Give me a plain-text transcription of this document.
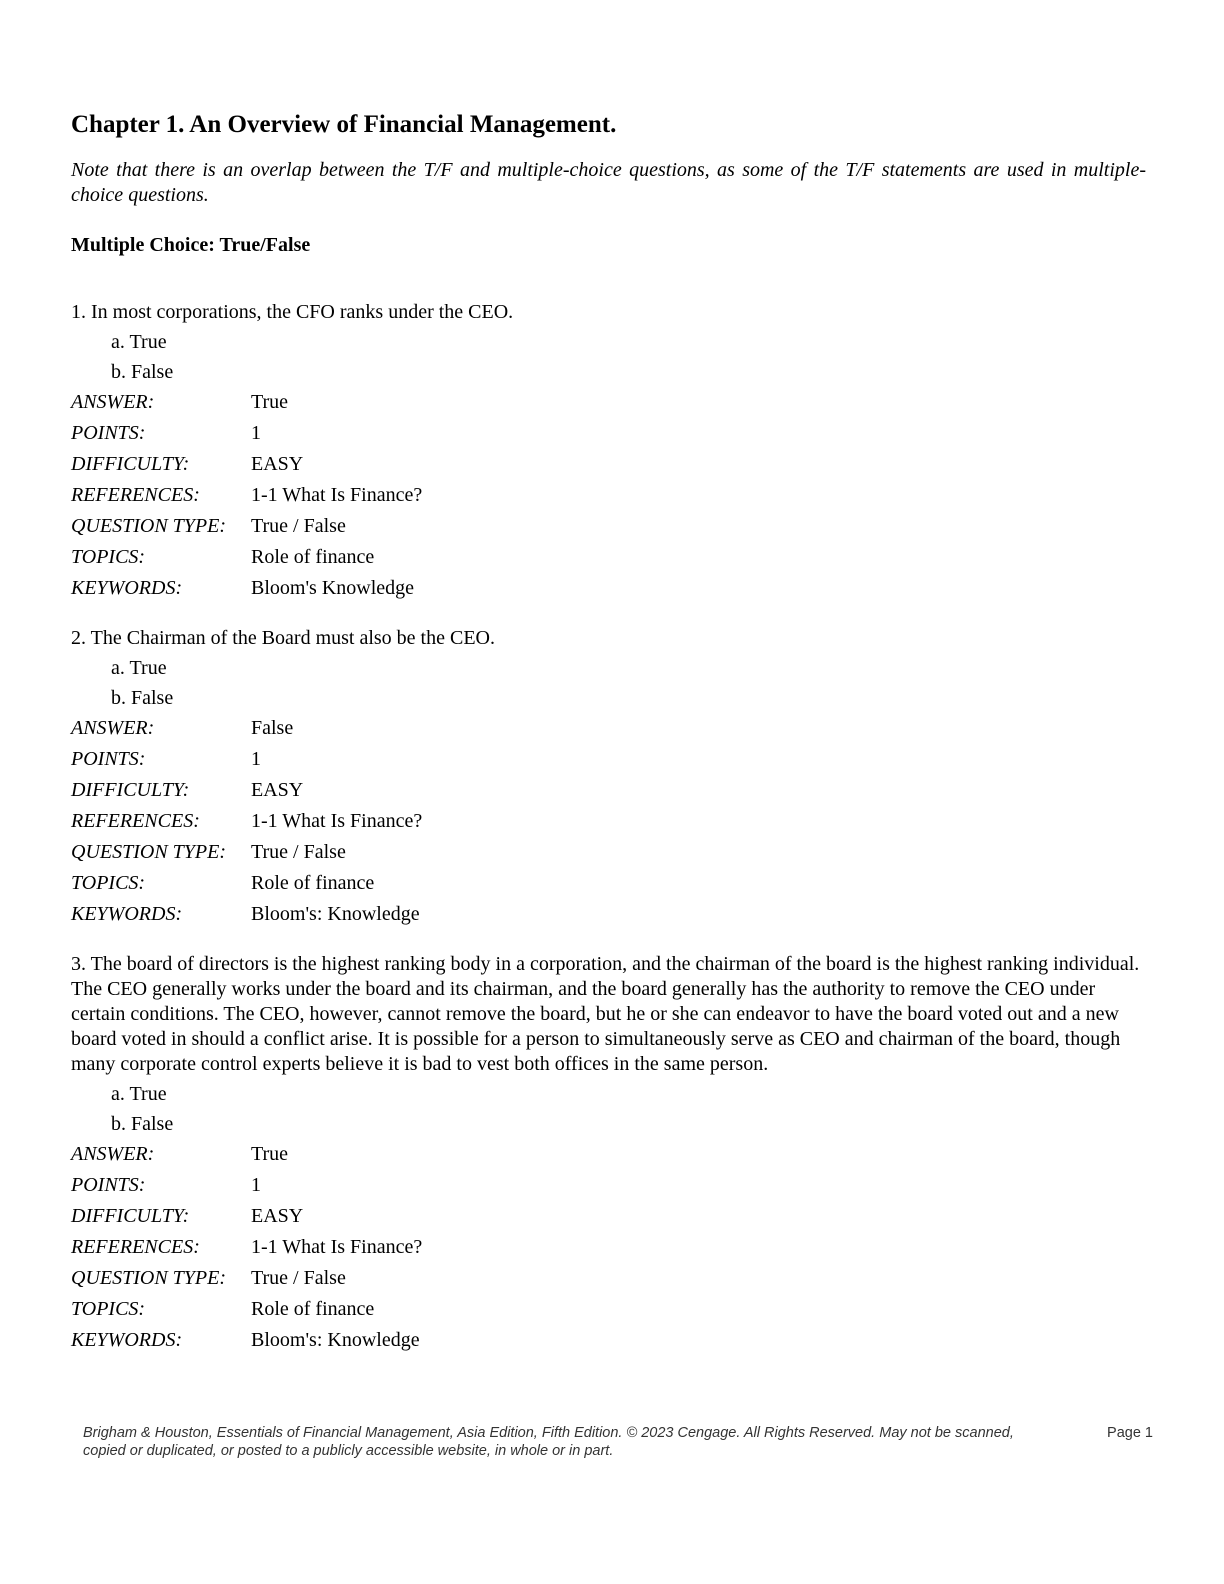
Chapter 1. An Overview of Financial Management.

Note that there is an overlap between the T/F and multiple-choice questions, as some of the T/F statements are used in multiple-choice questions.

Multiple Choice: True/False

1. In most corporations, the CFO ranks under the CEO.

a. True
b. False
ANSWER:	True
POINTS:	1
DIFFICULTY:	EASY
REFERENCES:	1-1 What Is Finance?
QUESTION TYPE:	True / False
TOPICS:	Role of finance
KEYWORDS:	Bloom's Knowledge

2. The Chairman of the Board must also be the CEO.

a. True
b. False
ANSWER:	False
POINTS:	1
DIFFICULTY:	EASY
REFERENCES:	1-1 What Is Finance?
QUESTION TYPE:	True / False
TOPICS:	Role of finance
KEYWORDS:	Bloom's: Knowledge

3. The board of directors is the highest ranking body in a corporation, and the chairman of the board is the highest ranking individual. The CEO generally works under the board and its chairman, and the board generally has the authority to remove the CEO under certain conditions. The CEO, however, cannot remove the board, but he or she can endeavor to have the board voted out and a new board voted in should a conflict arise. It is possible for a person to simultaneously serve as CEO and chairman of the board, though many corporate control experts believe it is bad to vest both offices in the same person.

a. True
b. False
ANSWER:	True
POINTS:	1
DIFFICULTY:	EASY
REFERENCES:	1-1 What Is Finance?
QUESTION TYPE:	True / False
TOPICS:	Role of finance
KEYWORDS:	Bloom's: Knowledge
Brigham & Houston, Essentials of Financial Management, Asia Edition, Fifth Edition. © 2023 Cengage. All Rights Reserved. May not be scanned, copied or duplicated, or posted to a publicly accessible website, in whole or in part.
Page 1
